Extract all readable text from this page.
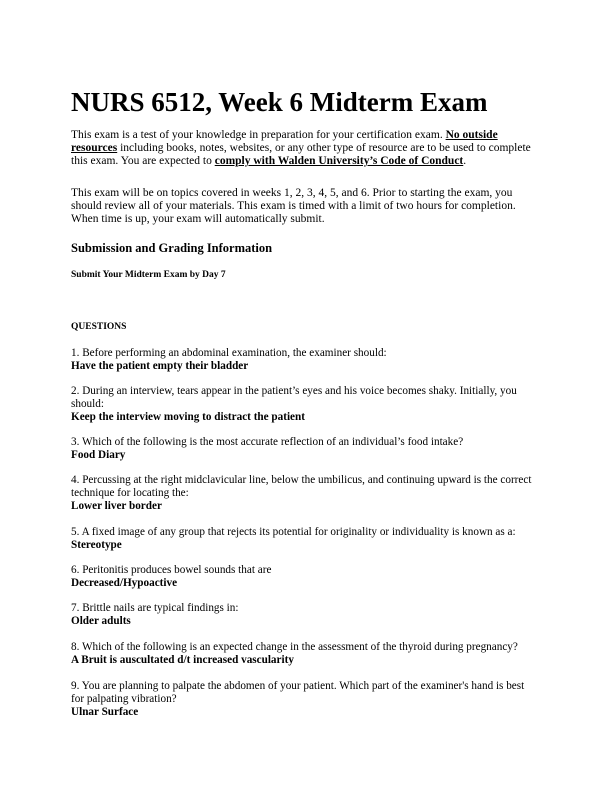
NURS 6512, Week 6 Midterm Exam

This exam is a test of your knowledge in preparation for your certification exam. No outside resources including books, notes, websites, or any other type of resource are to be used to complete this exam. You are expected to comply with Walden University’s Code of Conduct.

This exam will be on topics covered in weeks 1, 2, 3, 4, 5, and 6. Prior to starting the exam, you should review all of your materials. This exam is timed with a limit of two hours for completion. When time is up, your exam will automatically submit.

Submission and Grading Information

Submit Your Midterm Exam by Day 7

QUESTIONS

1. Before performing an abdominal examination, the examiner should:
Have the patient empty their bladder
2. During an interview, tears appear in the patient’s eyes and his voice becomes shaky. Initially, you should:
Keep the interview moving to distract the patient
3. Which of the following is the most accurate reflection of an individual’s food intake?
Food Diary
4. Percussing at the right midclavicular line, below the umbilicus, and continuing upward is the correct technique for locating the:
Lower liver border
5. A fixed image of any group that rejects its potential for originality or individuality is known as a:
Stereotype
6. Peritonitis produces bowel sounds that are
Decreased/Hypoactive
7. Brittle nails are typical findings in:
Older adults
8. Which of the following is an expected change in the assessment of the thyroid during pregnancy?
A Bruit is auscultated d/t increased vascularity
9. You are planning to palpate the abdomen of your patient. Which part of the examiner's hand is best for palpating vibration?
Ulnar Surface
